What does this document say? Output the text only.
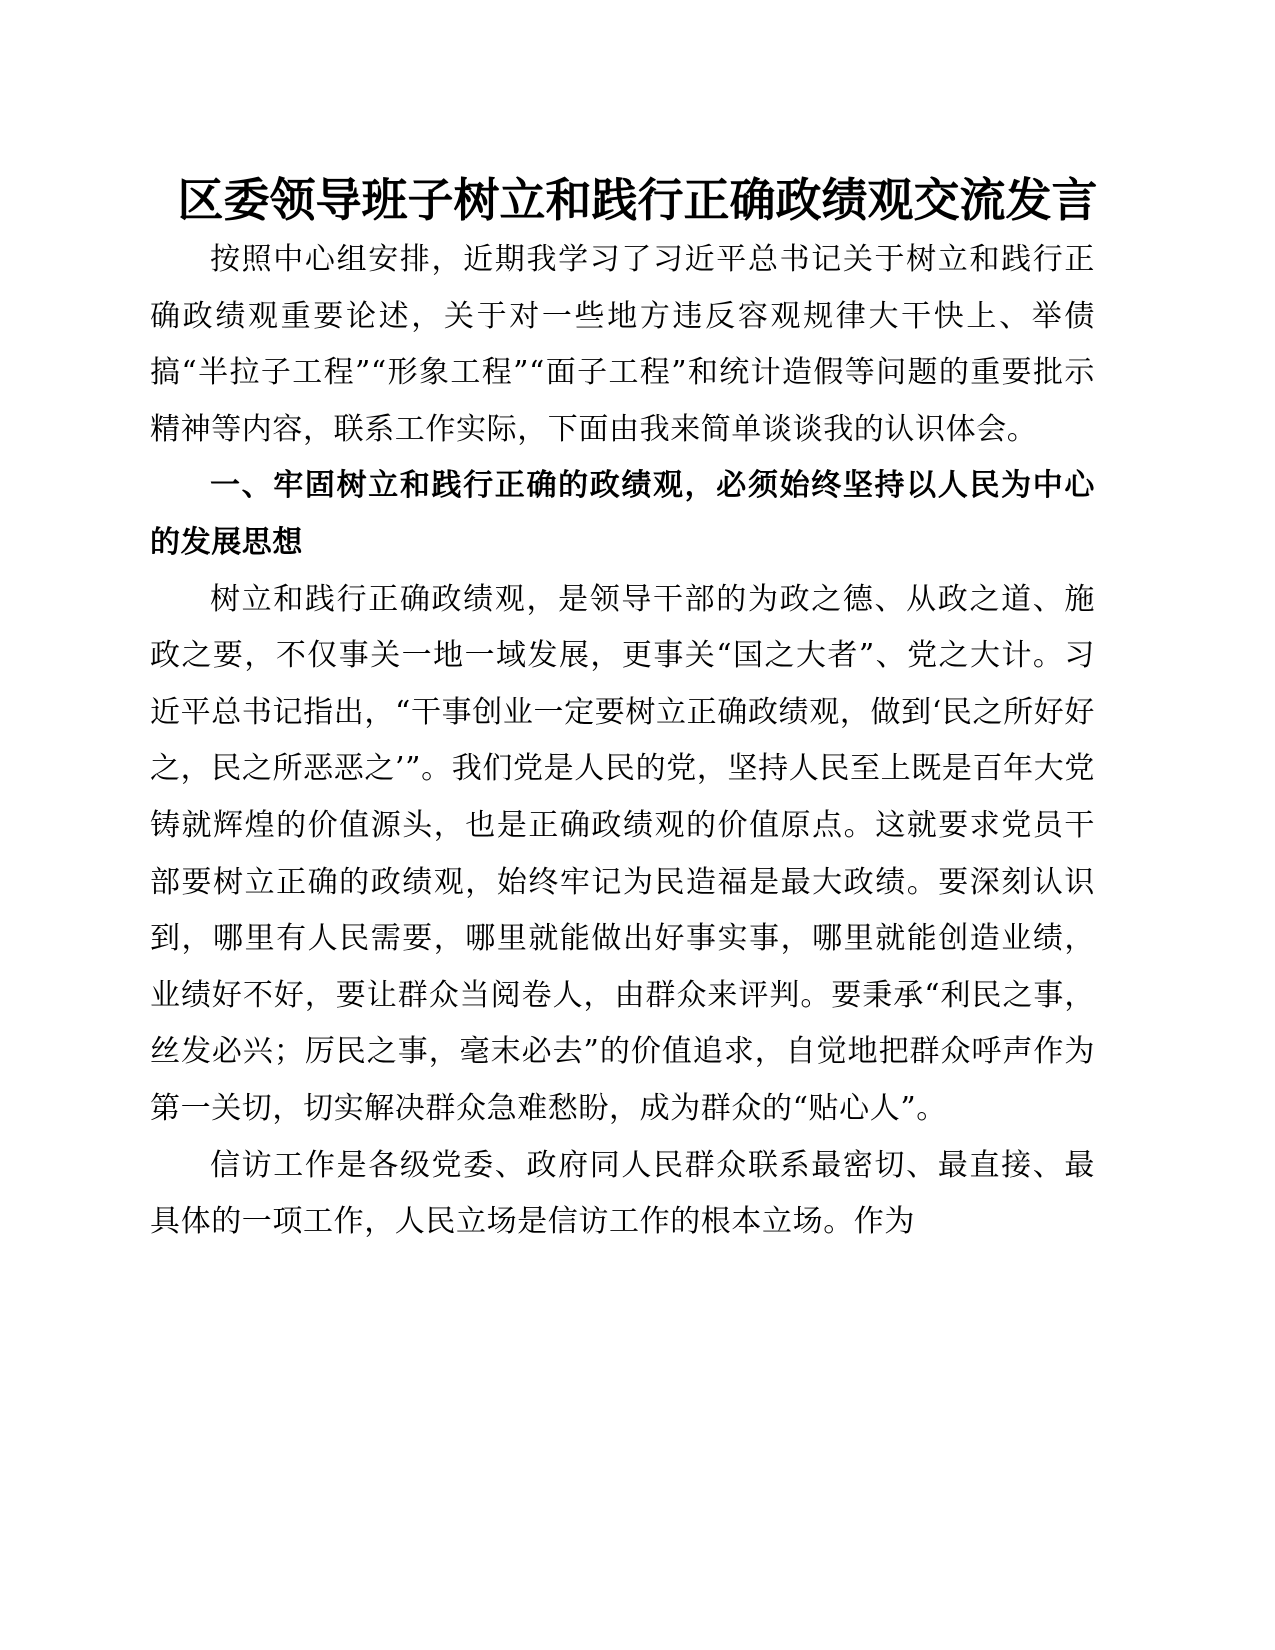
区委领导班子树立和践行正确政绩观交流发言

按照中心组安排，近期我学习了习近平总书记关于树立和践行正确政绩观重要论述，关于对一些地方违反容观规律大干快上、举债搞“半拉子工程”“形象工程”“面子工程”和统计造假等问题的重要批示精神等内容，联系工作实际，下面由我来简单谈谈我的认识体会。

一、牢固树立和践行正确的政绩观，必须始终坚持以人民为中心的发展思想

树立和践行正确政绩观，是领导干部的为政之德、从政之道、施政之要，不仅事关一地一域发展，更事关“国之大者”、党之大计。习近平总书记指出，“干事创业一定要树立正确政绩观，做到‘民之所好好之，民之所恶恶之’”。我们党是人民的党，坚持人民至上既是百年大党铸就辉煌的价值源头，也是正确政绩观的价值原点。这就要求党员干部要树立正确的政绩观，始终牢记为民造福是最大政绩。要深刻认识到，哪里有人民需要，哪里就能做出好事实事，哪里就能创造业绩，业绩好不好，要让群众当阅卷人，由群众来评判。要秉承“利民之事，丝发必兴；厉民之事，毫末必去”的价值追求，自觉地把群众呼声作为第一关切，切实解决群众急难愁盼，成为群众的“贴心人”。

信访工作是各级党委、政府同人民群众联系最密切、最直接、最具体的一项工作，人民立场是信访工作的根本立场。作为
